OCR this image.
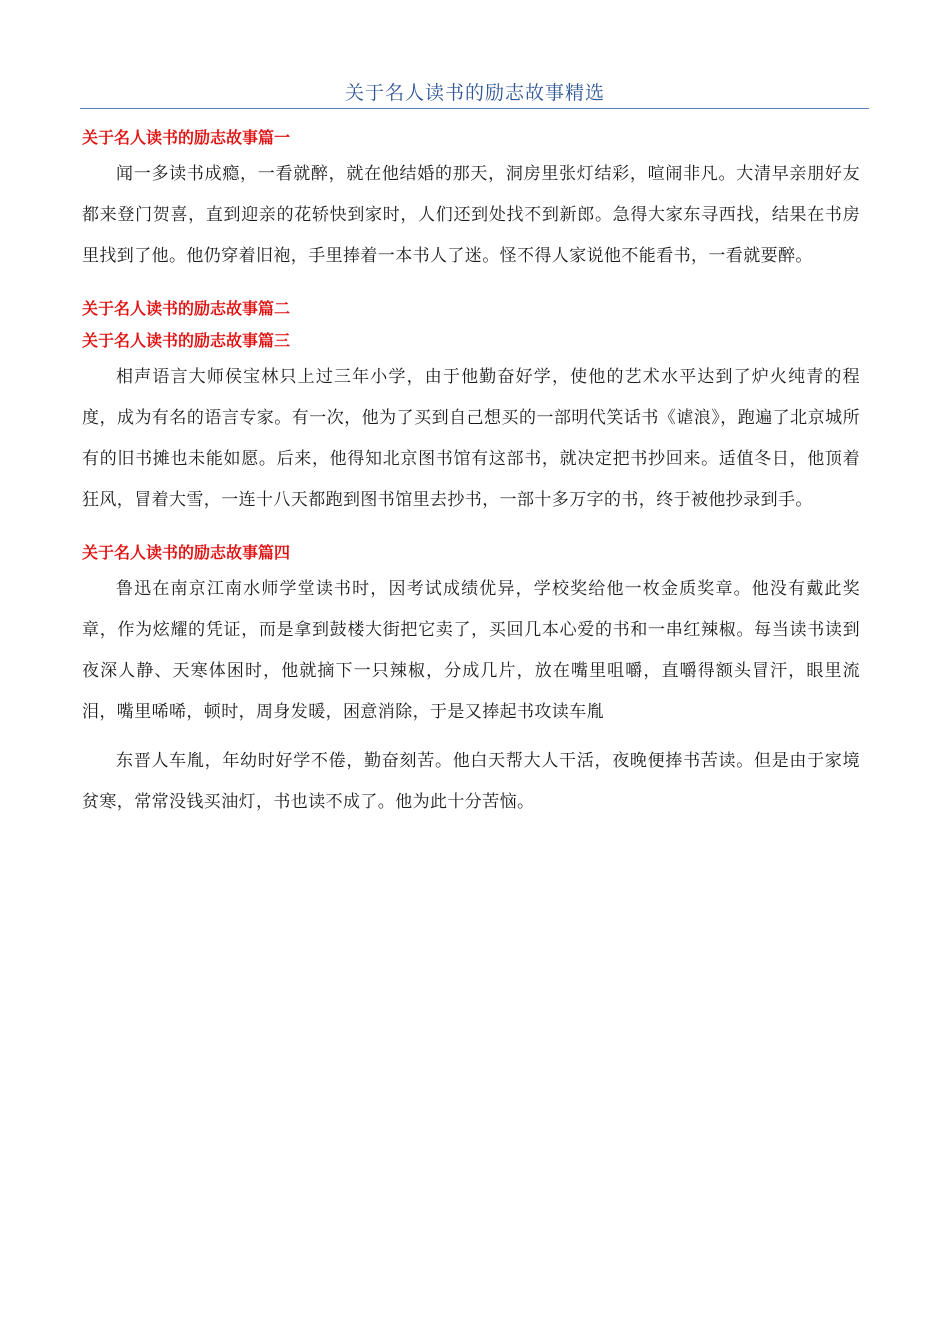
关于名人读书的励志故事精选
关于名人读书的励志故事篇一

闻一多读书成瘾，一看就醉，就在他结婚的那天，洞房里张灯结彩，喧闹非凡。大清早亲朋好友都来登门贺喜，直到迎亲的花轿快到家时，人们还到处找不到新郎。急得大家东寻西找，结果在书房里找到了他。他仍穿着旧袍，手里捧着一本书人了迷。怪不得人家说他不能看书，一看就要醉。

关于名人读书的励志故事篇二
关于名人读书的励志故事篇三

相声语言大师侯宝林只上过三年小学，由于他勤奋好学，使他的艺术水平达到了炉火纯青的程度，成为有名的语言专家。有一次，他为了买到自己想买的一部明代笑话书《谑浪》，跑遍了北京城所有的旧书摊也未能如愿。后来，他得知北京图书馆有这部书，就决定把书抄回来。适值冬日，他顶着狂风，冒着大雪，一连十八天都跑到图书馆里去抄书，一部十多万字的书，终于被他抄录到手。

关于名人读书的励志故事篇四

鲁迅在南京江南水师学堂读书时，因考试成绩优异，学校奖给他一枚金质奖章。他没有戴此奖章，作为炫耀的凭证，而是拿到鼓楼大街把它卖了，买回几本心爱的书和一串红辣椒。每当读书读到夜深人静、天寒体困时，他就摘下一只辣椒，分成几片，放在嘴里咀嚼，直嚼得额头冒汗，眼里流泪，嘴里唏唏，顿时，周身发暖，困意消除，于是又捧起书攻读车胤

东晋人车胤，年幼时好学不倦，勤奋刻苦。他白天帮大人干活，夜晚便捧书苦读。但是由于家境贫寒，常常没钱买油灯，书也读不成了。他为此十分苦恼。
